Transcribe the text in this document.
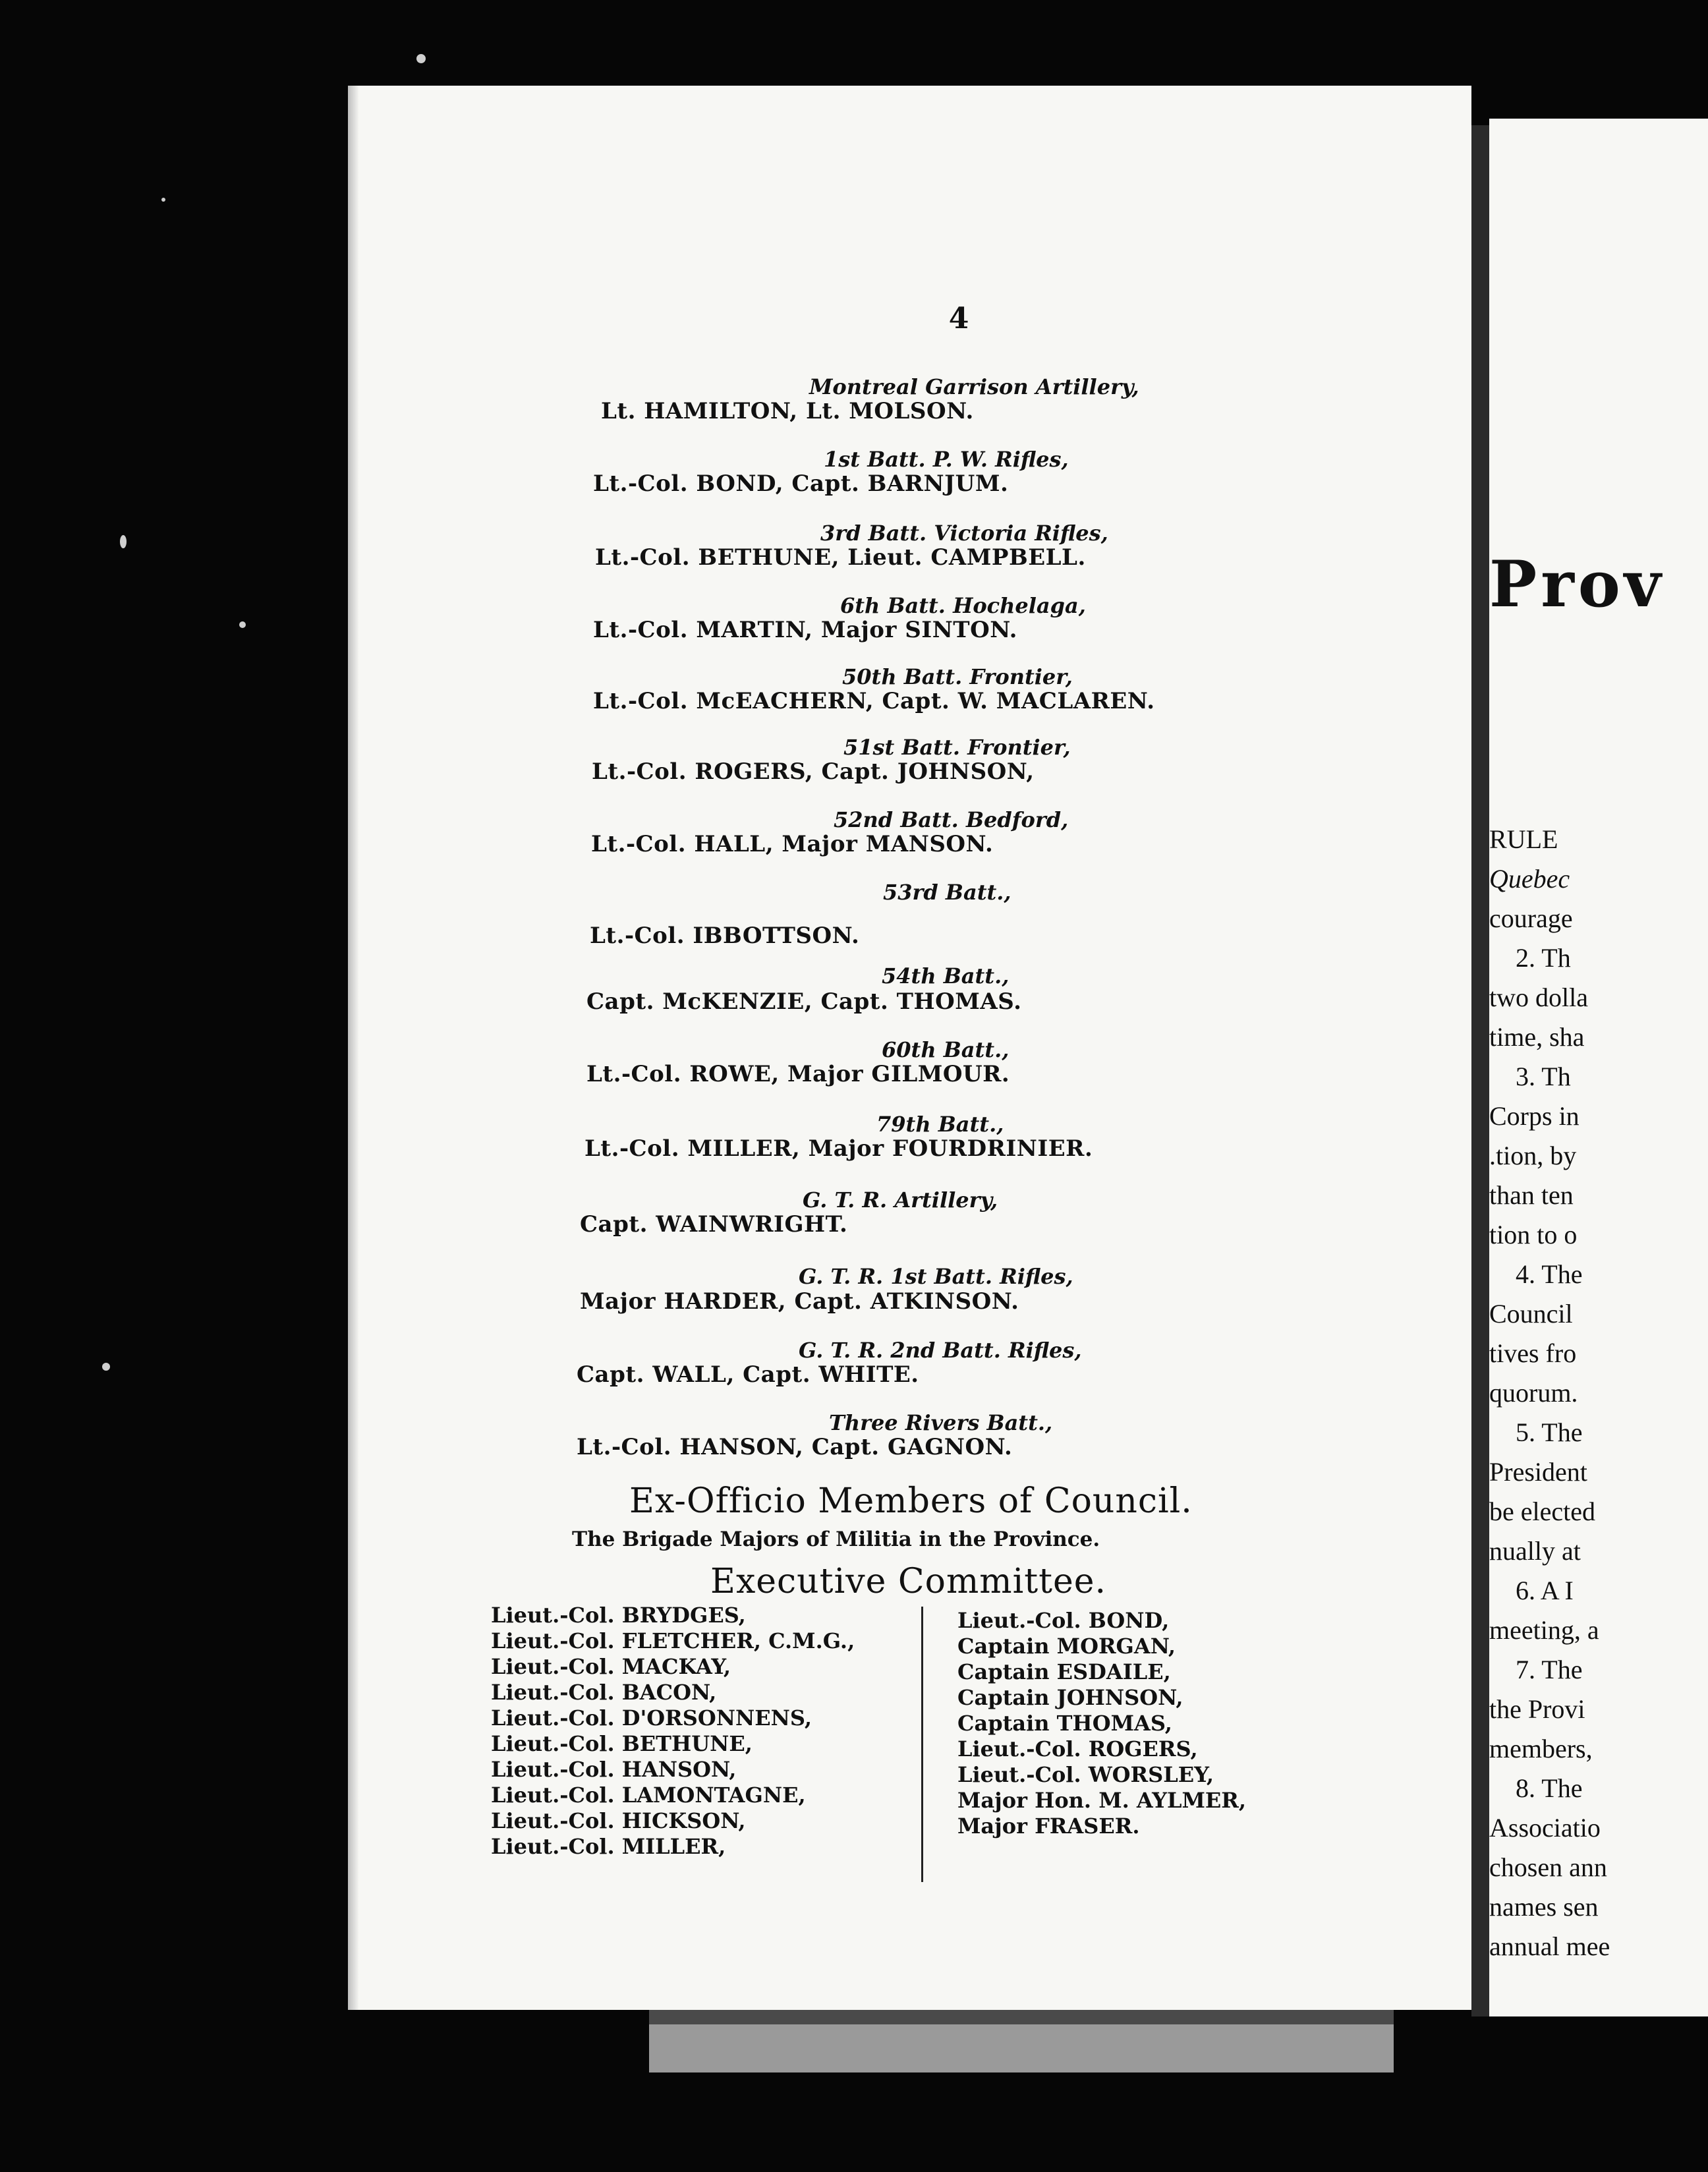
Prov
RULE
Quebec
courage
2. Th
two dolla
time, sha
3. Th
Corps in
.tion, by
than ten
tion to o
4. The
Council
tives fro
quorum.
5. The
President
be elected
nually at
6. A I
meeting, a
7. The
the Provi
members,
8. The
Associatio
chosen ann
names sen
annual mee
4
Montreal Garrison Artillery,
Lt. HAMILTON, Lt. MOLSON.
1st Batt. P. W. Rifles,
Lt.-Col. BOND, Capt. BARNJUM.
3rd Batt. Victoria Rifles,
Lt.-Col. BETHUNE, Lieut. CAMPBELL.
6th Batt. Hochelaga,
Lt.-Col. MARTIN, Major SINTON.
50th Batt. Frontier,
Lt.-Col. McEACHERN, Capt. W. MACLAREN.
51st Batt. Frontier,
Lt.-Col. ROGERS, Capt. JOHNSON,
52nd Batt. Bedford,
Lt.-Col. HALL, Major MANSON.
53rd Batt.,
Lt.-Col. IBBOTTSON.
54th Batt.,
Capt. McKENZIE, Capt. THOMAS.
60th Batt.,
Lt.-Col. ROWE, Major GILMOUR.
79th Batt.,
Lt.-Col. MILLER, Major FOURDRINIER.
G. T. R. Artillery,
Capt. WAINWRIGHT.
G. T. R. 1st Batt. Rifles,
Major HARDER, Capt. ATKINSON.
G. T. R. 2nd Batt. Rifles,
Capt. WALL, Capt. WHITE.
Three Rivers Batt.,
Lt.-Col. HANSON, Capt. GAGNON.
Ex-Officio Members of Council.
The Brigade Majors of Militia in the Province.
Executive Committee.
Lieut.-Col. BRYDGES,
Lieut.-Col. FLETCHER, C.M.G.,
Lieut.-Col. MACKAY,
Lieut.-Col. BACON,
Lieut.-Col. D'ORSONNENS,
Lieut.-Col. BETHUNE,
Lieut.-Col. HANSON,
Lieut.-Col. LAMONTAGNE,
Lieut.-Col. HICKSON,
Lieut.-Col. MILLER,
Lieut.-Col. BOND,
Captain MORGAN,
Captain ESDAILE,
Captain JOHNSON,
Captain THOMAS,
Lieut.-Col. ROGERS,
Lieut.-Col. WORSLEY,
Major Hon. M. AYLMER,
Major FRASER.
